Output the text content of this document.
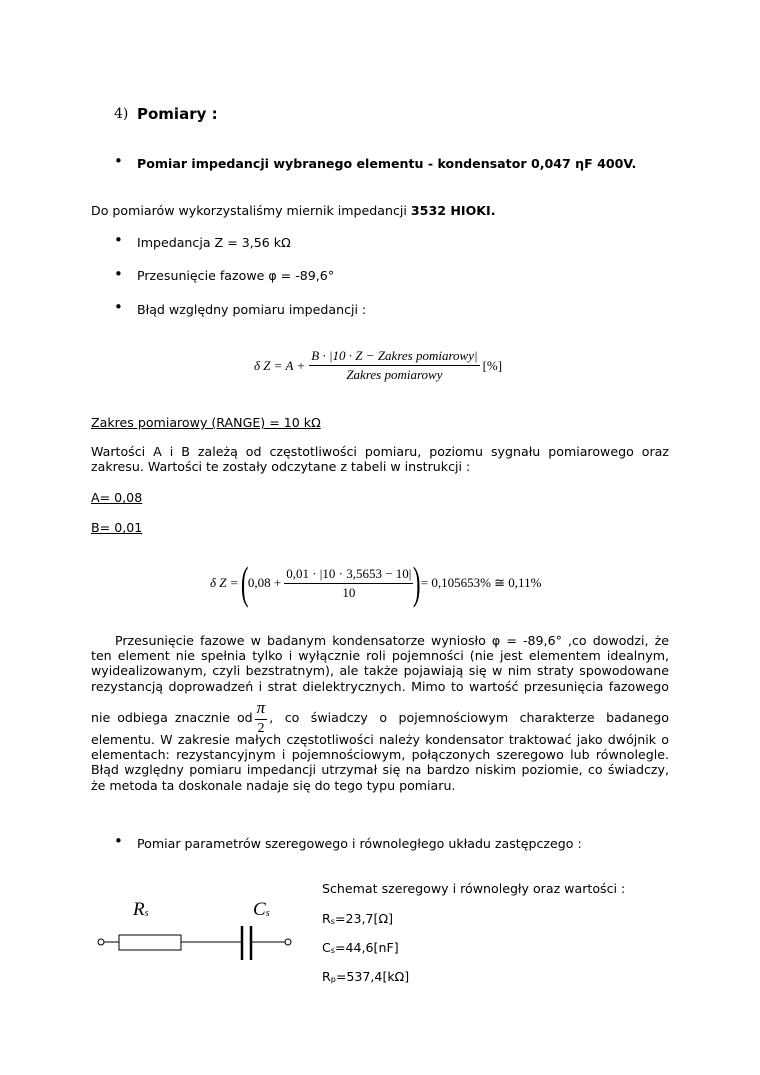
4) Pomiary :
• Pomiar impedancji wybranego elementu - kondensator 0,047 ηF 400V.
Do pomiarów wykorzystaliśmy miernik impedancji 3532 HIOKI.
• Impedancja Z = 3,56 kΩ
• Przesunięcie fazowe φ = -89,6°
• Błąd względny pomiaru impedancji :
δ $Z = A + \frac{\text{B · |10 · Z − Zakres pomiarowy|}}{\text{Zakres pomiarowy}}$ [%]
Zakres pomiarowy (RANGE) = 10 kΩ
Wartości A i B zależą od częstotliwości pomiaru, poziomu sygnału pomiarowego oraz zakresu. Wartości te zostały odczytane z tabeli w instrukcji :
A= 0,08
B= 0,01
δ Z = ( $0,08 + \frac{0,01 \cdot |10 \cdot 3,5653 - 10|}{10}$ ) = 0,105653% ≅ 0,11%
Przesunięcie fazowe w badanym kondensatorze wyniosło φ = -89,6° ,co dowodzi, że ten element nie spełnia tylko i wyłącznie roli pojemności (nie jest elementem idealnym, wyidealizowanym, czyli bezstratnym), ale także pojawiają się w nim straty spowodowane rezystancją doprowadzeń i strat dielektrycznych. Mimo to wartość przesunięcia fazowego
nie odbiega znacznie od $\frac{\pi}{2}$ , co świadczy o pojemnościowym charakterze badanego
elementu. W zakresie małych częstotliwości należy kondensator traktować jako dwójnik o elementach: rezystancyjnym i pojemnościowym, połączonych szeregowo lub równolegle. Błąd względny pomiaru impedancji utrzymał się na bardzo niskim poziomie, co świadczy, że metoda ta doskonale nadaje się do tego typu pomiaru.
• Pomiar parametrów szeregowego i równoległego układu zastępczego :
$R_s$	$C_s$
Schemat szeregowy i równoległy oraz wartości :
$R_s=23,7[\Omega]$
$C_s=44,6[nF]$
$R_p=537,4[k\Omega]$
